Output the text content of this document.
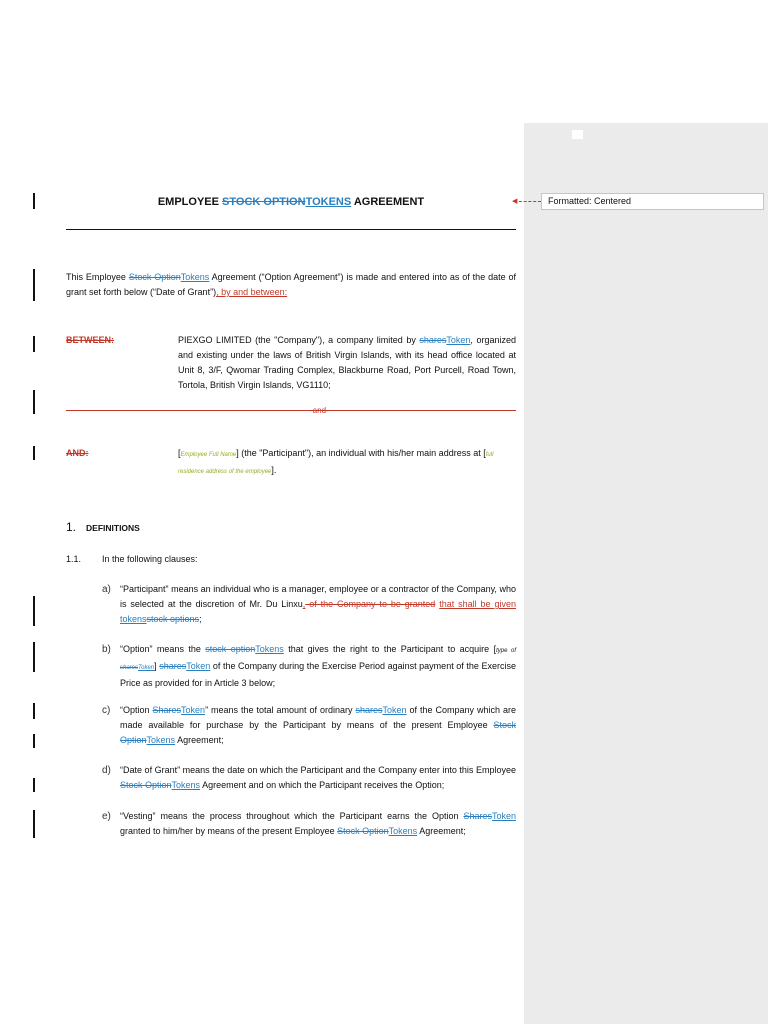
◀	Formatted: Centered
EMPLOYEE STOCK OPTIONTOKENS AGREEMENT
This Employee Stock OptionTokens Agreement (“Option Agreement”) is made and entered into as of the date of grant set forth below (“Date of Grant”), by and between:
BETWEEN:	PIEXGO LIMITED (the "Company"), a company limited by sharesToken, organized and existing under the laws of British Virgin Islands, with its head office located at Unit 8, 3/F, Qwomar Trading Complex, Blackburne Road, Port Purcell, Road Town, Tortola, British Virgin Islands, VG1110;
-and-
AND:	[Employee Full Name] (the "Participant"), an individual with his/her main address at [full residence address of the employee].
1. DEFINITIONS
1.1. In the following clauses:
a) “Participant” means an individual who is a manager, employee or a contractor of the Company, who is selected at the discretion of Mr. Du Linxu, of the Company to be granted that shall be given tokensstock options;
b) “Option” means the stock optionTokens that gives the right to the Participant to acquire [type of sharesToken] sharesToken of the Company during the Exercise Period against payment of the Exercise Price as provided for in Article 3 below;
c) “Option SharesToken” means the total amount of ordinary sharesToken of the Company which are made available for purchase by the Participant by means of the present Employee Stock OptionTokens Agreement;
d) “Date of Grant” means the date on which the Participant and the Company enter into this Employee Stock OptionTokens Agreement and on which the Participant receives the Option;
e) “Vesting” means the process throughout which the Participant earns the Option SharesToken granted to him/her by means of the present Employee Stock OptionTokens Agreement;
